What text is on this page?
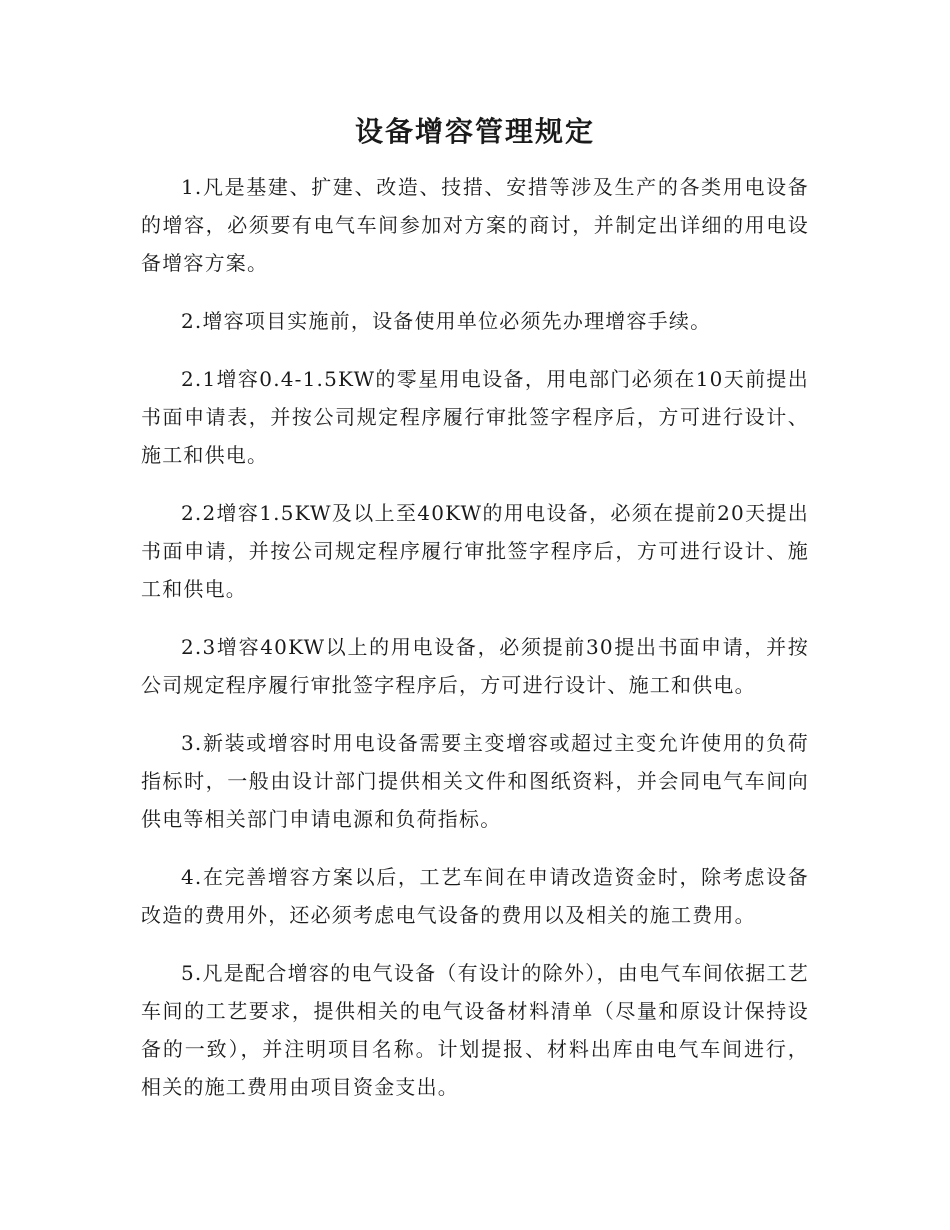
设备增容管理规定

1.凡是基建、扩建、改造、技措、安措等涉及生产的各类用电设备的增容，必须要有电气车间参加对方案的商讨，并制定出详细的用电设备增容方案。

2.增容项目实施前，设备使用单位必须先办理增容手续。

2.1增容0.4-1.5KW的零星用电设备，用电部门必须在10天前提出书面申请表，并按公司规定程序履行审批签字程序后，方可进行设计、施工和供电。

2.2增容1.5KW及以上至40KW的用电设备，必须在提前20天提出书面申请，并按公司规定程序履行审批签字程序后，方可进行设计、施工和供电。

2.3增容40KW以上的用电设备，必须提前30提出书面申请，并按公司规定程序履行审批签字程序后，方可进行设计、施工和供电。

3.新装或增容时用电设备需要主变增容或超过主变允许使用的负荷指标时，一般由设计部门提供相关文件和图纸资料，并会同电气车间向供电等相关部门申请电源和负荷指标。

4.在完善增容方案以后，工艺车间在申请改造资金时，除考虑设备改造的费用外，还必须考虑电气设备的费用以及相关的施工费用。

5.凡是配合增容的电气设备（有设计的除外），由电气车间依据工艺车间的工艺要求，提供相关的电气设备材料清单（尽量和原设计保持设备的一致），并注明项目名称。计划提报、材料出库由电气车间进行，相关的施工费用由项目资金支出。
